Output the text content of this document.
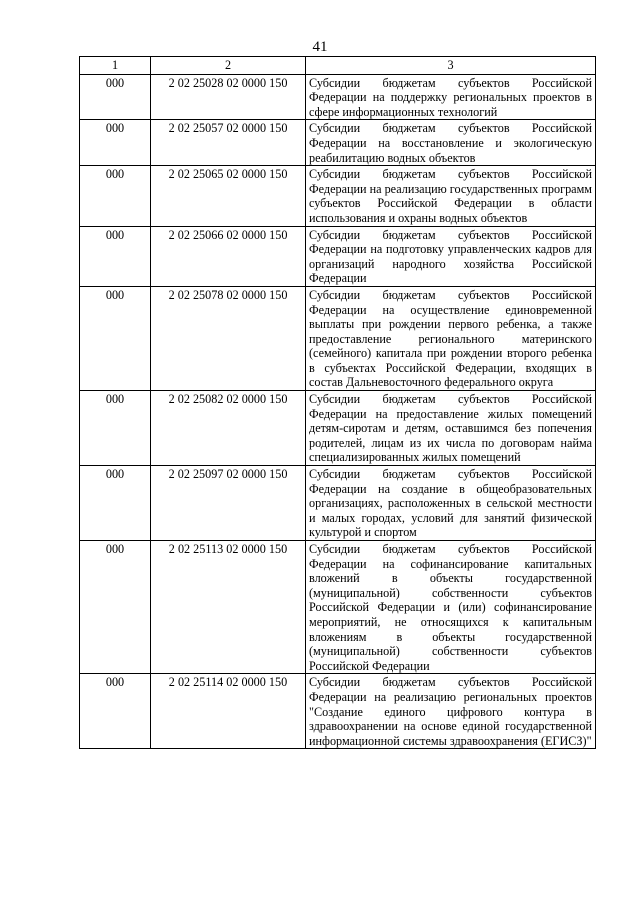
41
1	2	3
000	2 02 25028 02 0000 150	Субсидии бюджетам субъектов Российской Федерации на поддержку региональных проектов в сфере информационных технологий
000	2 02 25057 02 0000 150	Субсидии бюджетам субъектов Российской Федерации на восстановление и экологическую реабилитацию водных объектов
000	2 02 25065 02 0000 150	Субсидии бюджетам субъектов Российской Федерации на реализацию государственных программ субъектов Российской Федерации в области использования и охраны водных объектов
000	2 02 25066 02 0000 150	Субсидии бюджетам субъектов Российской Федерации на подготовку управленческих кадров для организаций народного хозяйства Российской Федерации
000	2 02 25078 02 0000 150	Субсидии бюджетам субъектов Российской Федерации на осуществление единовременной выплаты при рождении первого ребенка, а также предоставление регионального материнского (семейного) капитала при рождении второго ребенка в субъектах Российской Федерации, входящих в состав Дальневосточного федерального округа
000	2 02 25082 02 0000 150	Субсидии бюджетам субъектов Российской Федерации на предоставление жилых помещений детям-сиротам и детям, оставшимся без попечения родителей, лицам из их числа по договорам найма специализированных жилых помещений
000	2 02 25097 02 0000 150	Субсидии бюджетам субъектов Российской Федерации на создание в общеобразовательных организациях, расположенных в сельской местности и малых городах, условий для занятий физической культурой и спортом
000	2 02 25113 02 0000 150	Субсидии бюджетам субъектов Российской Федерации на софинансирование капитальных вложений в объекты государственной (муниципальной) собственности субъектов Российской Федерации и (или) софинансирование мероприятий, не относящихся к капитальным вложениям в объекты государственной (муниципальной) собственности субъектов Российской Федерации
000	2 02 25114 02 0000 150	Субсидии бюджетам субъектов Российской Федерации на реализацию региональных проектов "Создание единого цифрового контура в здравоохранении на основе единой государственной информационной системы здравоохранения (ЕГИСЗ)"
